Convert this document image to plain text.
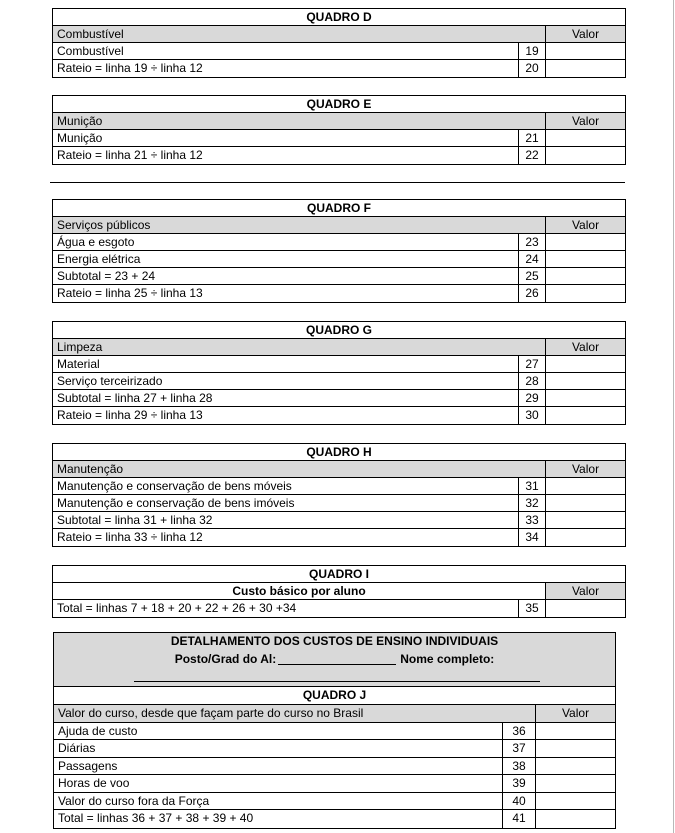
QUADRO D
Combustível	Valor
Combustível	19
Rateio = linha 19 ÷ linha 12	20
QUADRO E
Munição	Valor
Munição	21
Rateio = linha 21 ÷ linha 12	22
QUADRO F
Serviços públicos	Valor
Água e esgoto	23
Energia elétrica	24
Subtotal = 23 + 24	25
Rateio = linha 25 ÷ linha 13	26
QUADRO G
Limpeza	Valor
Material	27
Serviço terceirizado	28
Subtotal = linha 27 + linha 28	29
Rateio = linha 29 ÷ linha 13	30
QUADRO H
Manutenção	Valor
Manutenção e conservação de bens móveis	31
Manutenção e conservação de bens imóveis	32
Subtotal = linha 31 + linha 32	33
Rateio = linha 33 ÷ linha 12	34
QUADRO I
Custo básico por aluno	Valor
Total = linhas 7 + 18 + 20 + 22 + 26 + 30 +34	35
DETALHAMENTO DOS CUSTOS DE ENSINO INDIVIDUAIS
Posto/Grad do Al:	Nome completo:
QUADRO J
Valor do curso, desde que façam parte do curso no Brasil	Valor
Ajuda de custo	36
Diárias	37
Passagens	38
Horas de voo	39
Valor do curso fora da Força	40
Total = linhas 36 + 37 + 38 + 39 + 40	41
